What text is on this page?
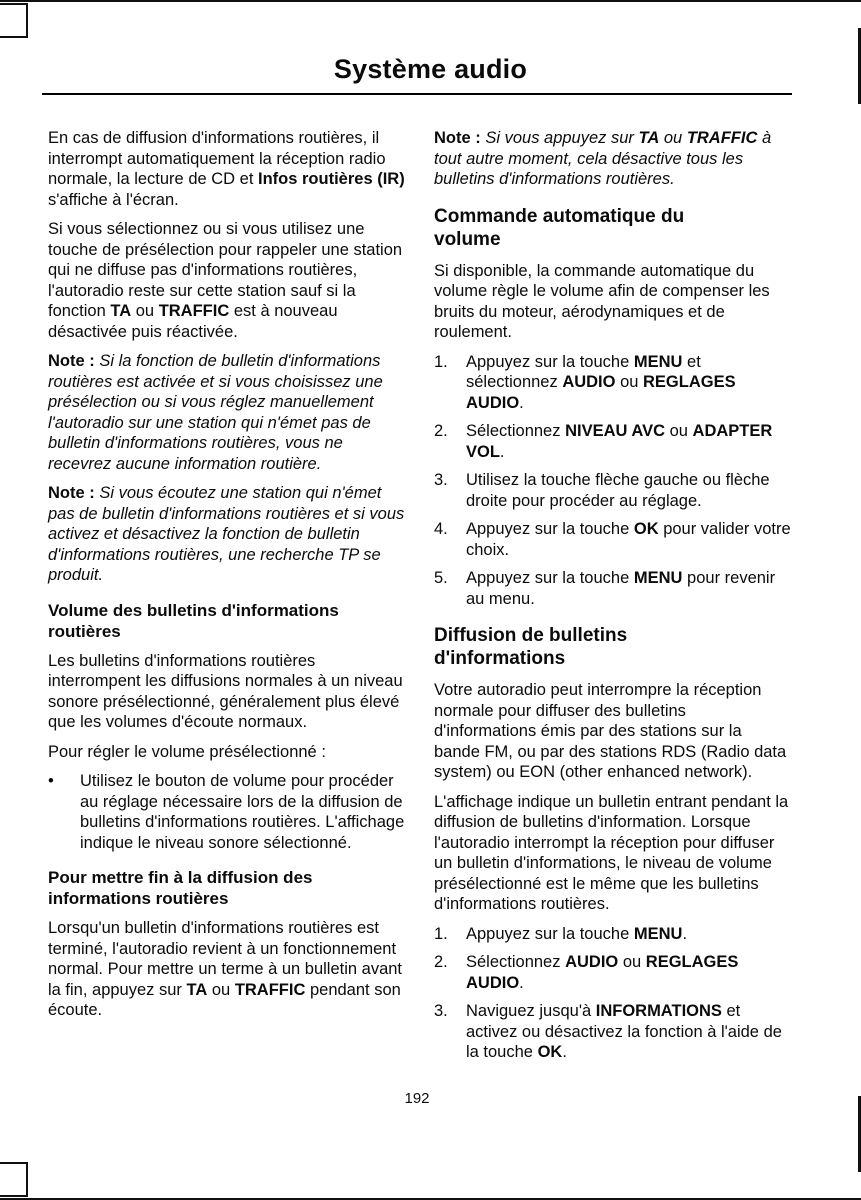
Système audio
En cas de diffusion d'informations routières, il interrompt automatiquement la réception radio normale, la lecture de CD et Infos routières (IR) s'affiche à l'écran.
Si vous sélectionnez ou si vous utilisez une touche de présélection pour rappeler une station qui ne diffuse pas d'informations routières, l'autoradio reste sur cette station sauf si la fonction TA ou TRAFFIC est à nouveau désactivée puis réactivée.
Note : Si la fonction de bulletin d'informations routières est activée et si vous choisissez une présélection ou si vous réglez manuellement l'autoradio sur une station qui n'émet pas de bulletin d'informations routières, vous ne recevrez aucune information routière.
Note : Si vous écoutez une station qui n'émet pas de bulletin d'informations routières et si vous activez et désactivez la fonction de bulletin d'informations routières, une recherche TP se produit.
Volume des bulletins d'informations routières
Les bulletins d'informations routières interrompent les diffusions normales à un niveau sonore présélectionné, généralement plus élevé que les volumes d'écoute normaux.
Pour régler le volume présélectionné :
•	Utilisez le bouton de volume pour procéder au réglage nécessaire lors de la diffusion de bulletins d'informations routières. L'affichage indique le niveau sonore sélectionné.
Pour mettre fin à la diffusion des informations routières
Lorsqu'un bulletin d'informations routières est terminé, l'autoradio revient à un fonctionnement normal. Pour mettre un terme à un bulletin avant la fin, appuyez sur TA ou TRAFFIC pendant son écoute.
Note : Si vous appuyez sur TA ou TRAFFIC à tout autre moment, cela désactive tous les bulletins d'informations routières.
Commande automatique du volume
Si disponible, la commande automatique du volume règle le volume afin de compenser les bruits du moteur, aérodynamiques et de roulement.
1.	Appuyez sur la touche MENU et sélectionnez AUDIO ou REGLAGES AUDIO.
2.	Sélectionnez NIVEAU AVC ou ADAPTER VOL.
3.	Utilisez la touche flèche gauche ou flèche droite pour procéder au réglage.
4.	Appuyez sur la touche OK pour valider votre choix.
5.	Appuyez sur la touche MENU pour revenir au menu.
Diffusion de bulletins d'informations
Votre autoradio peut interrompre la réception normale pour diffuser des bulletins d'informations émis par des stations sur la bande FM, ou par des stations RDS (Radio data system) ou EON (other enhanced network).
L'affichage indique un bulletin entrant pendant la diffusion de bulletins d'information. Lorsque l'autoradio interrompt la réception pour diffuser un bulletin d'informations, le niveau de volume présélectionné est le même que les bulletins d'informations routières.
1.	Appuyez sur la touche MENU.
2.	Sélectionnez AUDIO ou REGLAGES AUDIO.
3.	Naviguez jusqu'à INFORMATIONS et activez ou désactivez la fonction à l'aide de la touche OK.
192
